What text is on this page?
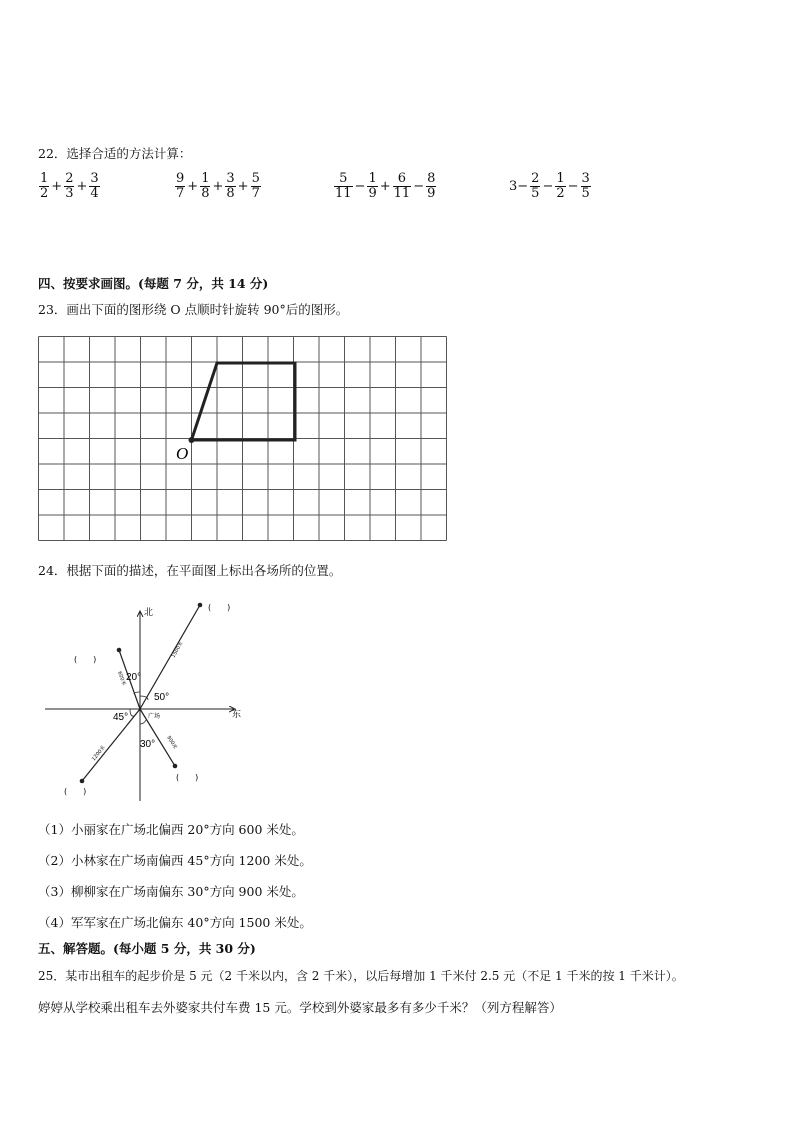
22．选择合适的方法计算：
$\frac{1}{2} + \frac{2}{3} + \frac{3}{4}$	$\frac{9}{7} + \frac{1}{8} + \frac{3}{8} + \frac{5}{7}$	$\frac{5}{11} - \frac{1}{9} + \frac{6}{11} - \frac{8}{9}$	$3- \frac{2}{5} - \frac{1}{2} - \frac{3}{5}$
四、按要求画图。(每题 7 分，共 14 分)
23．画出下面的图形绕 O 点顺时针旋转 90°后的图形。
O
24．根据下面的描述，在平面图上标出各场所的位置。
北
东
广场
20°
50°
45°
30°
600米
1500米
1200米
900米
(　　)
(　　)
(　　)
(　　)
（1）小丽家在广场北偏西 20°方向 600 米处。
（2）小林家在广场南偏西 45°方向 1200 米处。
（3）柳柳家在广场南偏东 30°方向 900 米处。
（4）军军家在广场北偏东 40°方向 1500 米处。
五、解答题。(每小题 5 分，共 30 分)
25．某市出租车的起步价是 5 元（2 千米以内，含 2 千米），以后每增加 1 千米付 2.5 元（不足 1 千米的按 1 千米计）。
婷婷从学校乘出租车去外婆家共付车费 15 元。学校到外婆家最多有多少千米？（列方程解答）
